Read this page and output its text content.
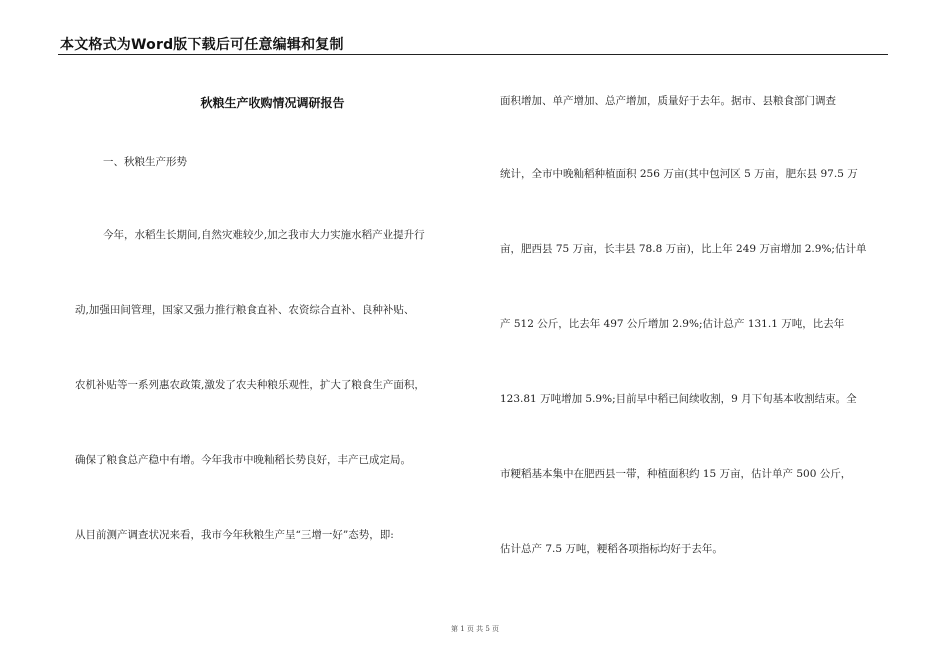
本文格式为Word版下载后可任意编辑和复制
秋粮生产收购情况调研报告
一、秋粮生产形势
今年，水稻生长期间,自然灾难较少,加之我市大力实施水稻产业提升行
动,加强田间管理，国家又强力推行粮食直补、农资综合直补、良种补贴、
农机补贴等一系列惠农政策,激发了农夫种粮乐观性，扩大了粮食生产面积，
确保了粮食总产稳中有增。今年我市中晚籼稻长势良好，丰产已成定局。
从目前测产调查状况来看，我市今年秋粮生产呈“三增一好”态势，即:
面积增加、单产增加、总产增加，质量好于去年。据市、县粮食部门调查
统计，全市中晚籼稻种植面积 256 万亩(其中包河区 5 万亩，肥东县 97.5 万
亩，肥西县 75 万亩，长丰县 78.8 万亩)，比上年 249 万亩增加 2.9%;估计单
产 512 公斤，比去年 497 公斤增加 2.9%;估计总产 131.1 万吨，比去年
123.81 万吨增加 5.9%;目前早中稻已间续收割，9 月下旬基本收割结束。全
市粳稻基本集中在肥西县一带，种植面积约 15 万亩，估计单产 500 公斤，
估计总产 7.5 万吨，粳稻各项指标均好于去年。
第 1 页 共 5 页
